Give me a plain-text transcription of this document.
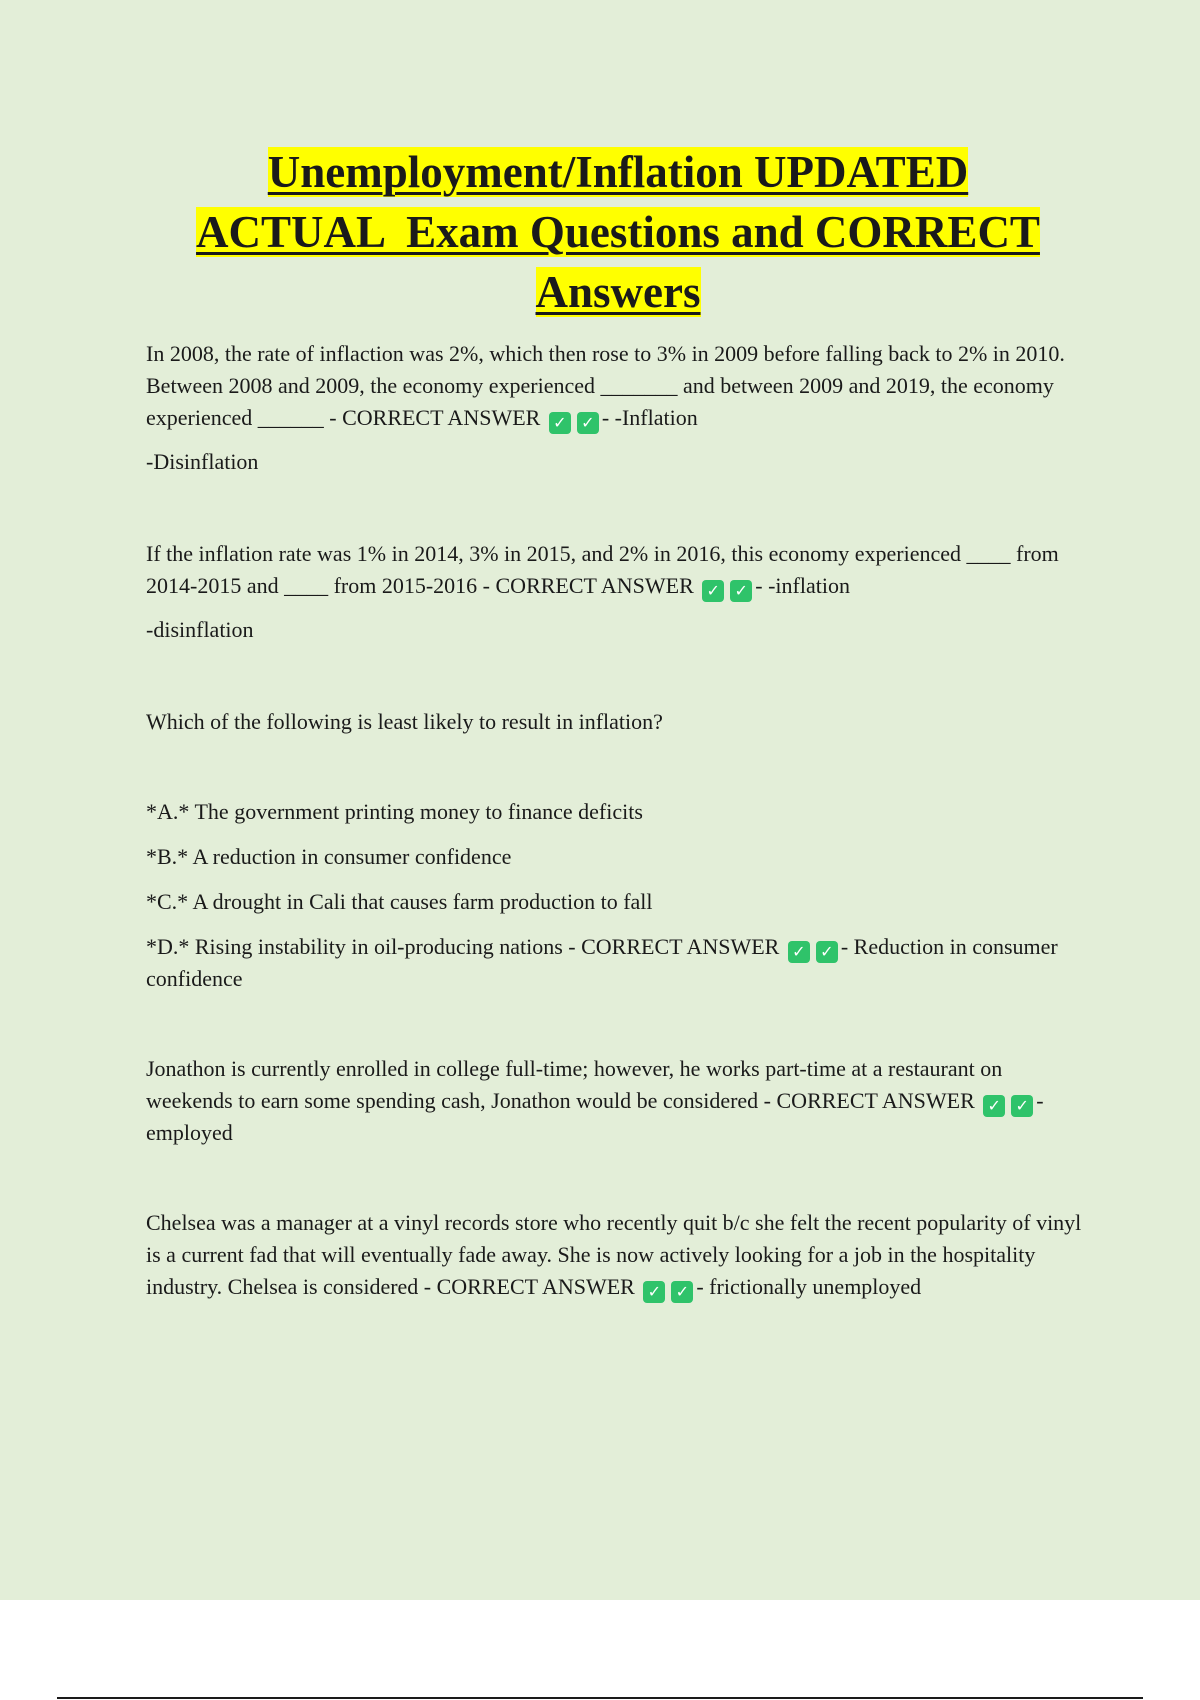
Unemployment/Inflation UPDATED
ACTUAL  Exam Questions and CORRECT
Answers

In 2008, the rate of inflaction was 2%, which then rose to 3% in 2009 before falling back to 2% in 2010. Between 2008 and 2009, the economy experienced _______ and between 2009 and 2019, the economy experienced ______ - CORRECT ANSWER ✓ ✓ - -Inflation

-Disinflation

If the inflation rate was 1% in 2014, 3% in 2015, and 2% in 2016, this economy experienced ____ from 2014-2015 and ____ from 2015-2016 - CORRECT ANSWER ✓ ✓ - -inflation

-disinflation

Which of the following is least likely to result in inflation?

*A.* The government printing money to finance deficits

*B.* A reduction in consumer confidence

*C.* A drought in Cali that causes farm production to fall

*D.* Rising instability in oil-producing nations - CORRECT ANSWER ✓ ✓ - Reduction in consumer confidence

Jonathon is currently enrolled in college full-time; however, he works part-time at a restaurant on weekends to earn some spending cash, Jonathon would be considered - CORRECT ANSWER ✓ ✓ - employed

Chelsea was a manager at a vinyl records store who recently quit b/c she felt the recent popularity of vinyl is a current fad that will eventually fade away. She is now actively looking for a job in the hospitality industry. Chelsea is considered - CORRECT ANSWER ✓ ✓ - frictionally unemployed
